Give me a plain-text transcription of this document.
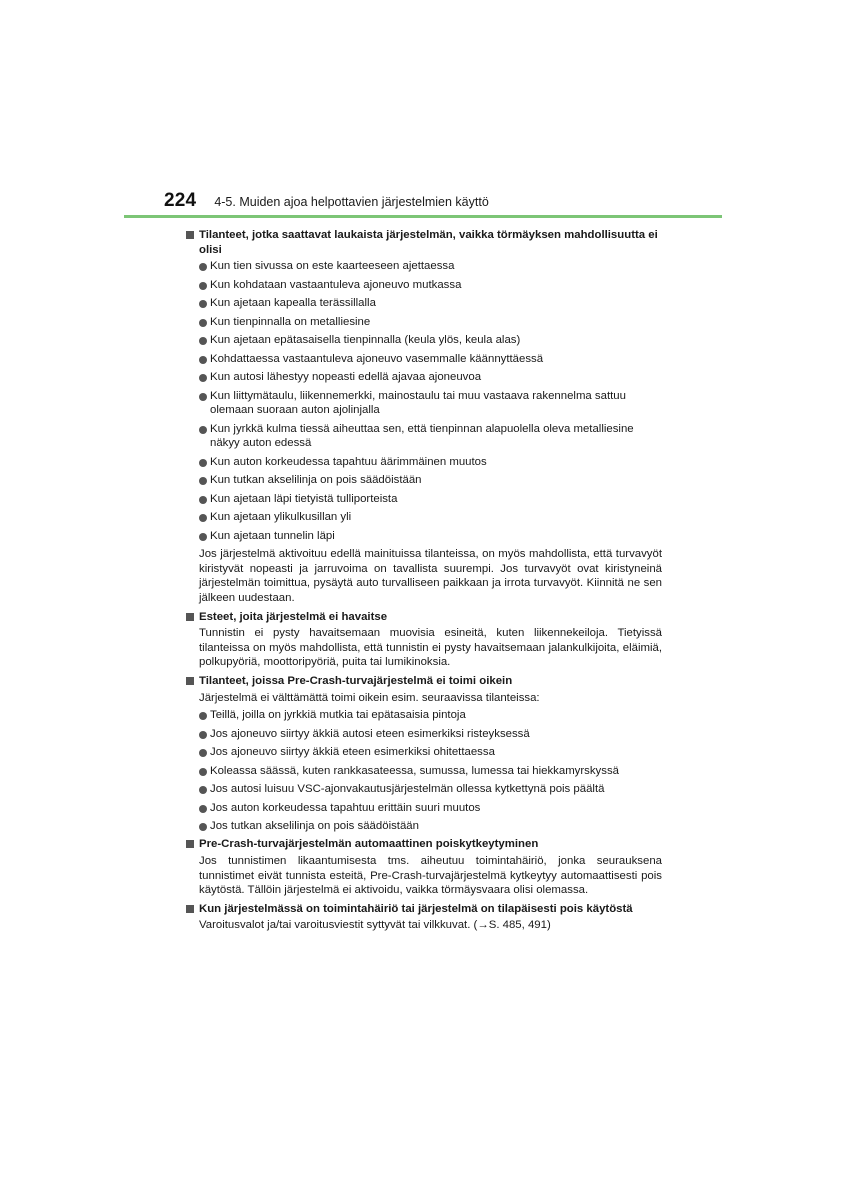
224 4-5. Muiden ajoa helpottavien järjestelmien käyttö
Tilanteet, jotka saattavat laukaista järjestelmän, vaikka törmäyksen mahdollisuutta ei olisi
Kun tien sivussa on este kaarteeseen ajettaessa
Kun kohdataan vastaantuleva ajoneuvo mutkassa
Kun ajetaan kapealla terässillalla
Kun tienpinnalla on metalliesine
Kun ajetaan epätasaisella tienpinnalla (keula ylös, keula alas)
Kohdattaessa vastaantuleva ajoneuvo vasemmalle käännyttäessä
Kun autosi lähestyy nopeasti edellä ajavaa ajoneuvoa
Kun liittymätaulu, liikennemerkki, mainostaulu tai muu vastaava rakennelma sattuu olemaan suoraan auton ajolinjalla
Kun jyrkkä kulma tiessä aiheuttaa sen, että tienpinnan alapuolella oleva metalliesine näkyy auton edessä
Kun auton korkeudessa tapahtuu äärimmäinen muutos
Kun tutkan akselilinja on pois säädöistään
Kun ajetaan läpi tietyistä tulliporteista
Kun ajetaan ylikulkusillan yli
Kun ajetaan tunnelin läpi
Jos järjestelmä aktivoituu edellä mainituissa tilanteissa, on myös mahdollista, että turvavyöt kiristyvät nopeasti ja jarruvoima on tavallista suurempi. Jos turvavyöt ovat kiristyneinä järjestelmän toimittua, pysäytä auto turvalliseen paikkaan ja irrota turvavyöt. Kiinnitä ne sen jälkeen uudestaan.
Esteet, joita järjestelmä ei havaitse
Tunnistin ei pysty havaitsemaan muovisia esineitä, kuten liikennekeiloja. Tietyissä tilanteissa on myös mahdollista, että tunnistin ei pysty havaitsemaan jalankulkijoita, eläimiä, polkupyöriä, moottoripyöriä, puita tai lumikinoksia.
Tilanteet, joissa Pre-Crash-turvajärjestelmä ei toimi oikein
Järjestelmä ei välttämättä toimi oikein esim. seuraavissa tilanteissa:
Teillä, joilla on jyrkkiä mutkia tai epätasaisia pintoja
Jos ajoneuvo siirtyy äkkiä autosi eteen esimerkiksi risteyksessä
Jos ajoneuvo siirtyy äkkiä eteen esimerkiksi ohitettaessa
Koleassa säässä, kuten rankkasateessa, sumussa, lumessa tai hiekkamyrskyssä
Jos autosi luisuu VSC-ajonvakautusjärjestelmän ollessa kytkettynä pois päältä
Jos auton korkeudessa tapahtuu erittäin suuri muutos
Jos tutkan akselilinja on pois säädöistään
Pre-Crash-turvajärjestelmän automaattinen poiskytkeytyminen
Jos tunnistimen likaantumisesta tms. aiheutuu toimintahäiriö, jonka seurauksena tunnistimet eivät tunnista esteitä, Pre-Crash-turvajärjestelmä kytkeytyy automaattisesti pois käytöstä. Tällöin järjestelmä ei aktivoidu, vaikka törmäysvaara olisi olemassa.
Kun järjestelmässä on toimintahäiriö tai järjestelmä on tilapäisesti pois käytöstä
Varoitusvalot ja/tai varoitusviestit syttyvät tai vilkkuvat. (→S. 485, 491)
